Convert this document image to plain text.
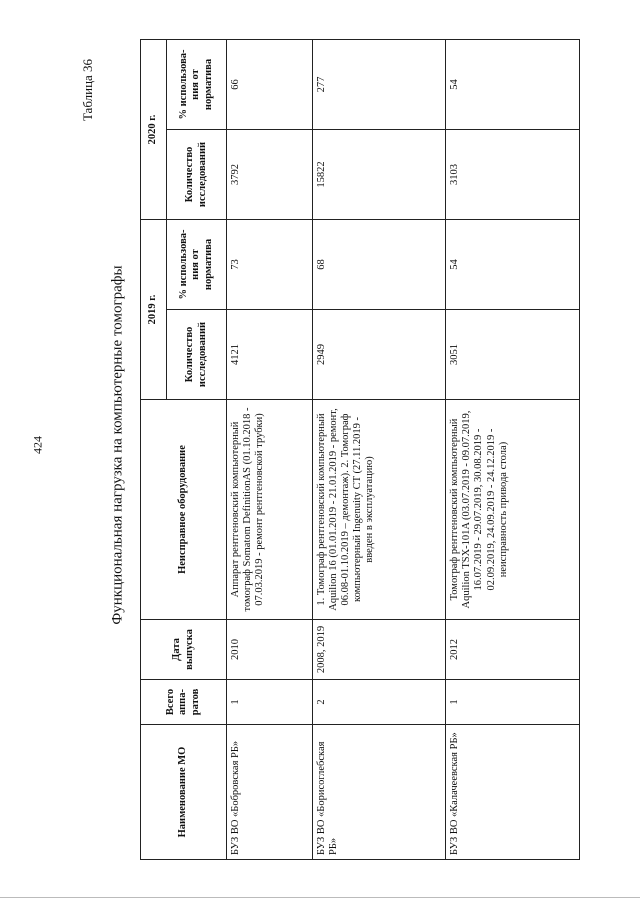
424
Таблица 36
Функциональная нагрузка на компьютерные томографы
Наименование МО	Всего аппа-ратов	Дата выпуска	Неисправное оборудование	2019 г.		2020 г.	
				Количество исследований	% использова-ния от норматива	Количество исследований	% использова-ния от норматива
БУЗ ВО «Бобровская РБ»	1	2010	Аппарат рентгеновский компьютерный томограф Somatom DefinitionAS (01.10.2018 - 07.03.2019 - ремонт рентгеновской трубки)	4121	73	3792	66
БУЗ ВО «Борисоглебская РБ»	2	2008, 2019	1. Томограф рентгеновский компьютерный Aquilion 16 (01.01.2019 - 21.01.2019 - ремонт, 06.08-01.10.2019 – демонтаж). 2. Томограф компьютерный Ingenuity CT (27.11.2019 - введен в эксплуатацию)	2949	68	15822	277
БУЗ ВО «Калачеевская РБ»	1	2012	Томограф рентгеновский компьютерный Aquilion TSX-101A (03.07.2019 - 09.07.2019, 16.07.2019 - 29.07.2019, 30.08.2019 - 02.09.2019, 24.09.2019 - 24.12.2019 - неисправность привода стола)	3051	54	3103	54
